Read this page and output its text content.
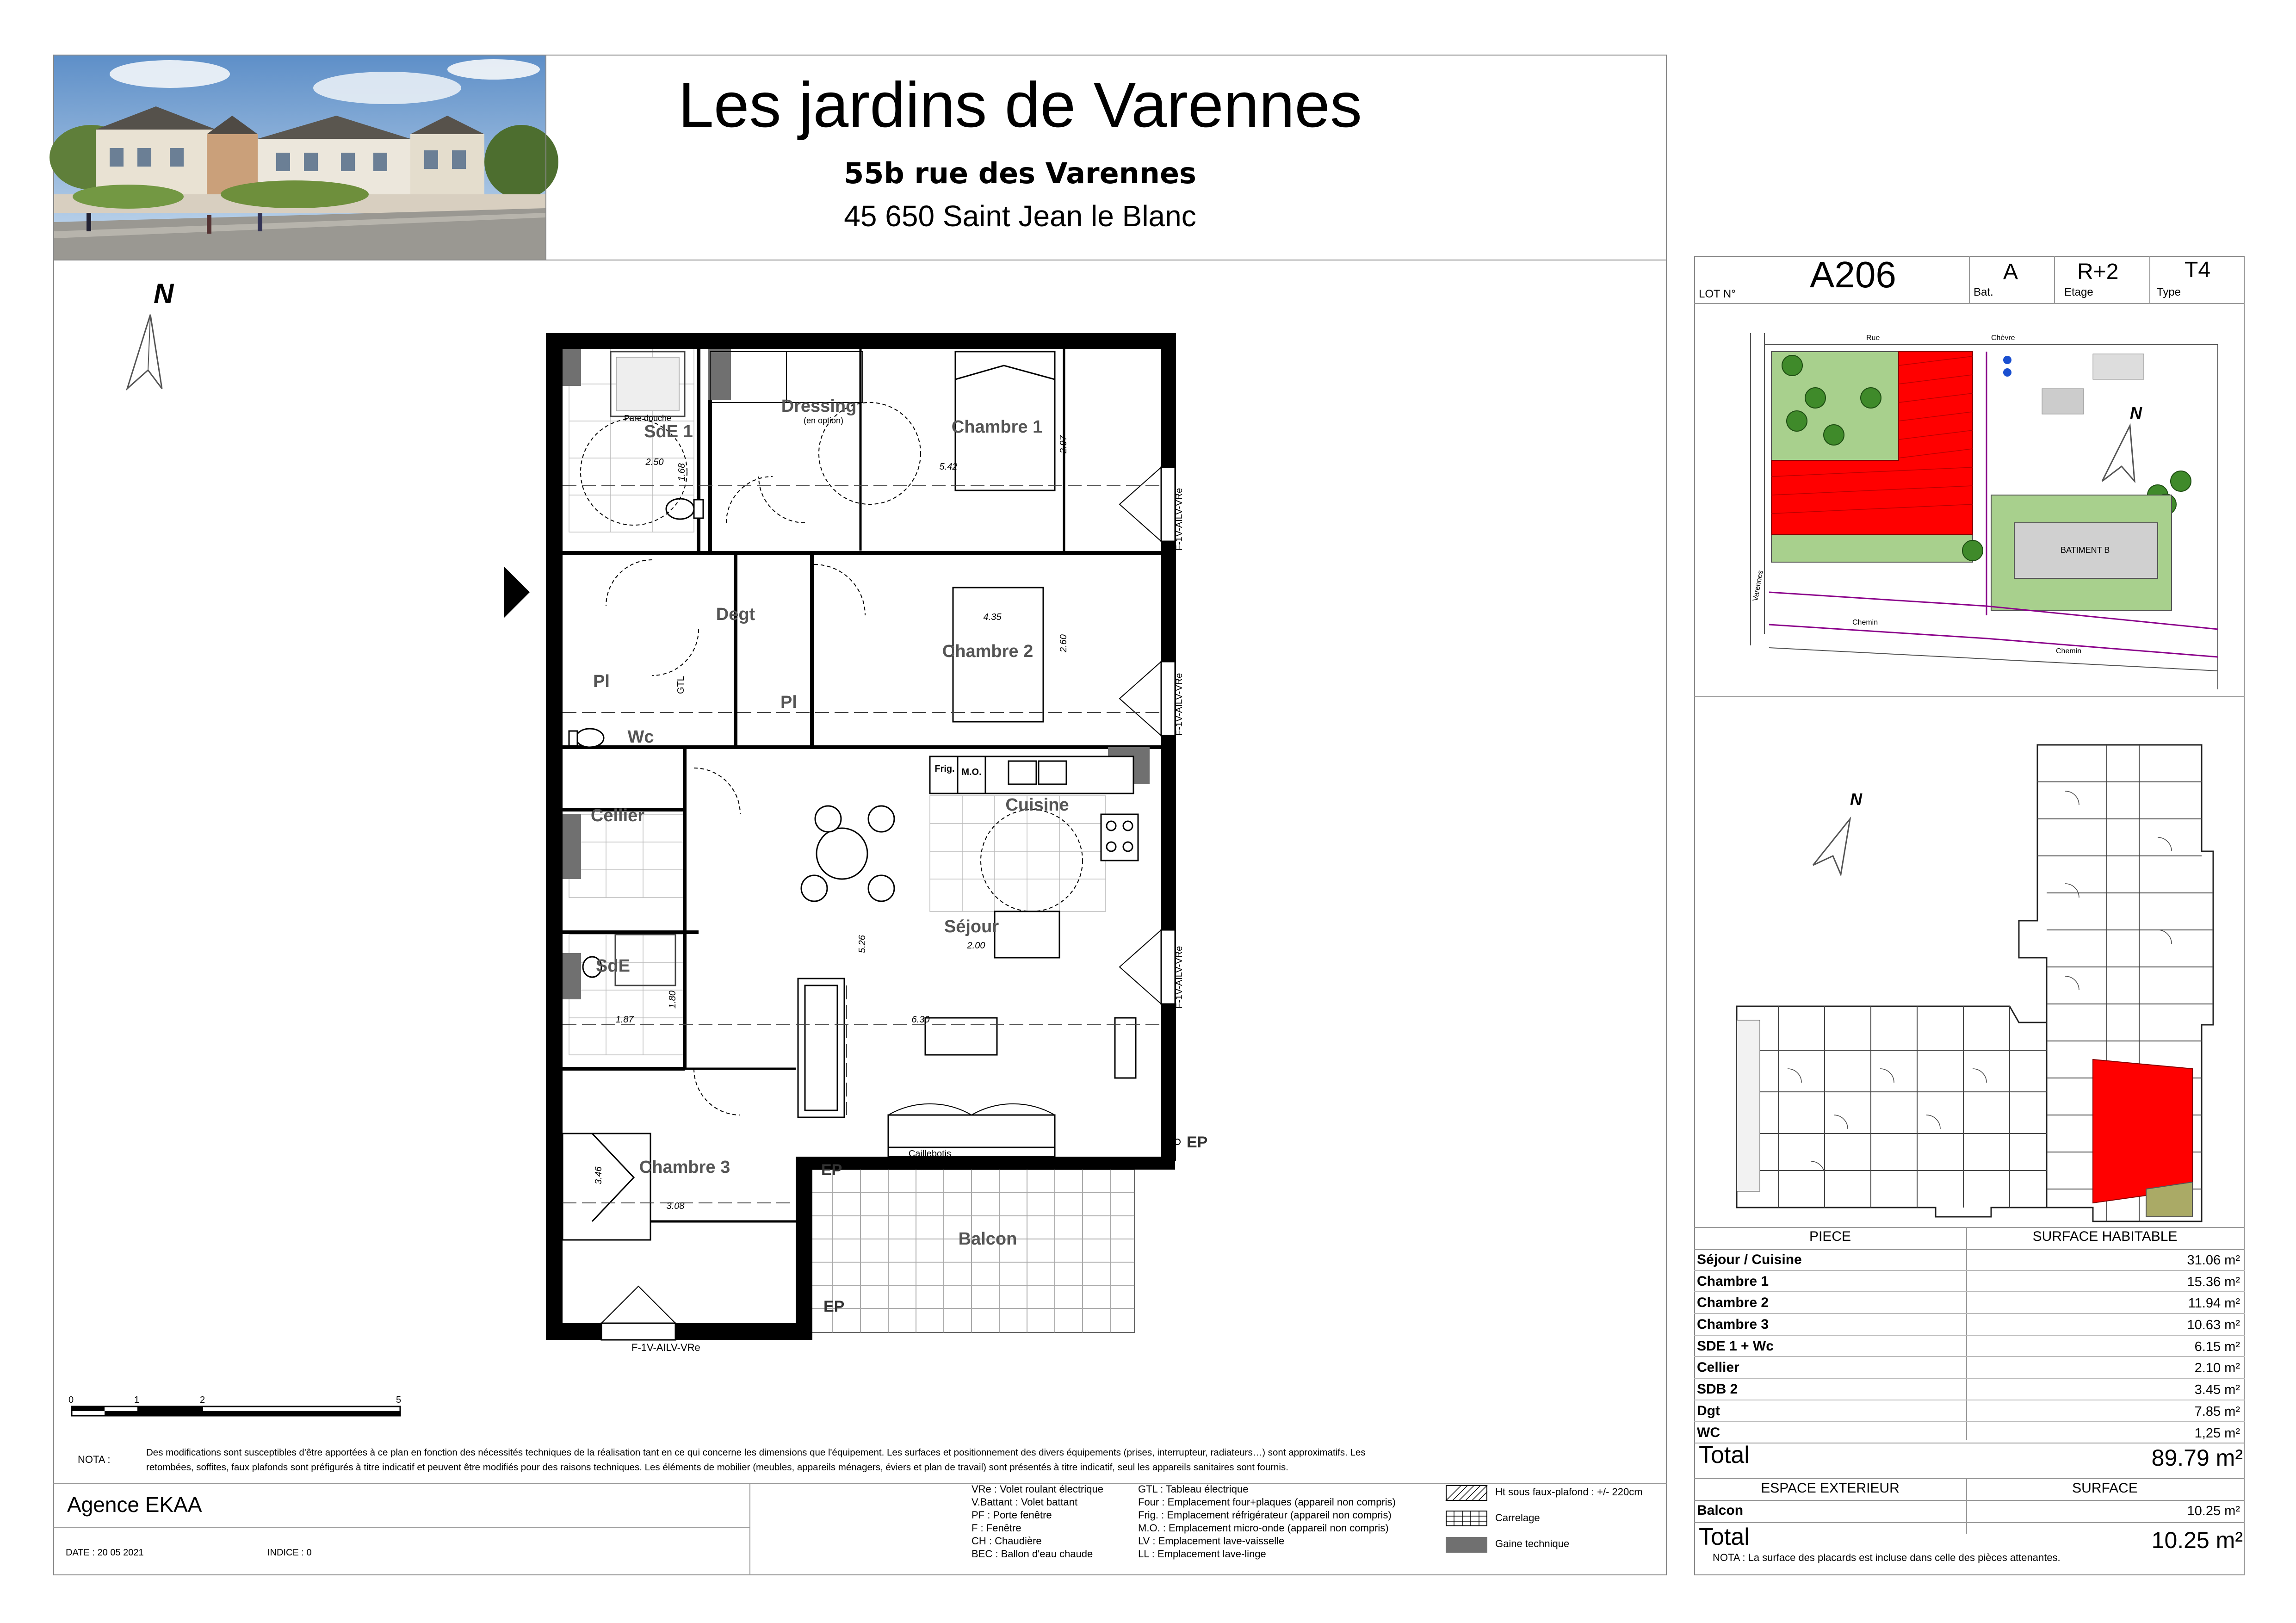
Les jardins de Varennes
55b rue des Varennes
45 650 Saint Jean le Blanc
N
SdE 1
Dressing
Chambre 1
Degt
Chambre 2
Pl
Pl
Wc
Cellier
Cuisine
Séjour
SdE
Chambre 3
Balcon
Pare douche	(en option)
Frig. M.O.
Caillebotis
GTL
2.50	5.42
4.35
6.30
1.87
3.08
2.00
1.68
2.97
2.60
5.26
1.80
3.46
F-1V-AILV-VRe
F-1V-AILV-VRe
F-1V-AILV-VRe
PF-2V-1 Fixe-VRe
F-1V-AILV-VRe
EP
EP
EP
0	1	2	5
NOTA :
Des modifications sont susceptibles d'être apportées à ce plan en fonction des nécessités techniques de la réalisation tant en ce qui concerne les dimensions que l'équipement. Les surfaces et positionnement des divers équipements (prises, interrupteur, radiateurs…) sont approximatifs. Les
retombées, soffites, faux plafonds sont préfigurés à titre indicatif et peuvent être modifiés pour des raisons techniques. Les éléments de mobilier (meubles, appareils ménagers, éviers et plan de travail) sont présentés à titre indicatif, seul les appareils sanitaires sont fournis.
Agence EKAA
DATE : 20 05 2021	INDICE : 0
VRe : Volet roulant électrique
V.Battant : Volet battant
PF : Porte fenêtre
F : Fenêtre
CH : Chaudière
BEC : Ballon d'eau chaude
GTL : Tableau électrique
Four : Emplacement four+plaques (appareil non compris)
Frig. : Emplacement réfrigérateur (appareil non compris)
M.O. : Emplacement micro-onde (appareil non compris)
LV : Emplacement lave-vaisselle
LL : Emplacement lave-linge
Ht sous faux-plafond : +/- 220cm
Carrelage
Gaine technique
LOT N° A206	A
Bat.
R+2
Etage
T4
Type
BATIMENT B
Rue	Chèvre
Chemin
Chemin
Varennes
N
N
PIECE	SURFACE HABITABLE
Séjour / Cuisine	31.06 m²
Chambre 1	15.36 m²
Chambre 2	11.94 m²
Chambre 3	10.63 m²
SDE 1 + Wc	6.15 m²
Cellier	2.10 m²
SDB 2	3.45 m²
Dgt	7.85 m²
WC	1,25 m²
Total	89.79 m²
ESPACE EXTERIEUR	SURFACE
Balcon	10.25 m²
Total	10.25 m²
NOTA : La surface des placards est incluse dans celle des pièces attenantes.
